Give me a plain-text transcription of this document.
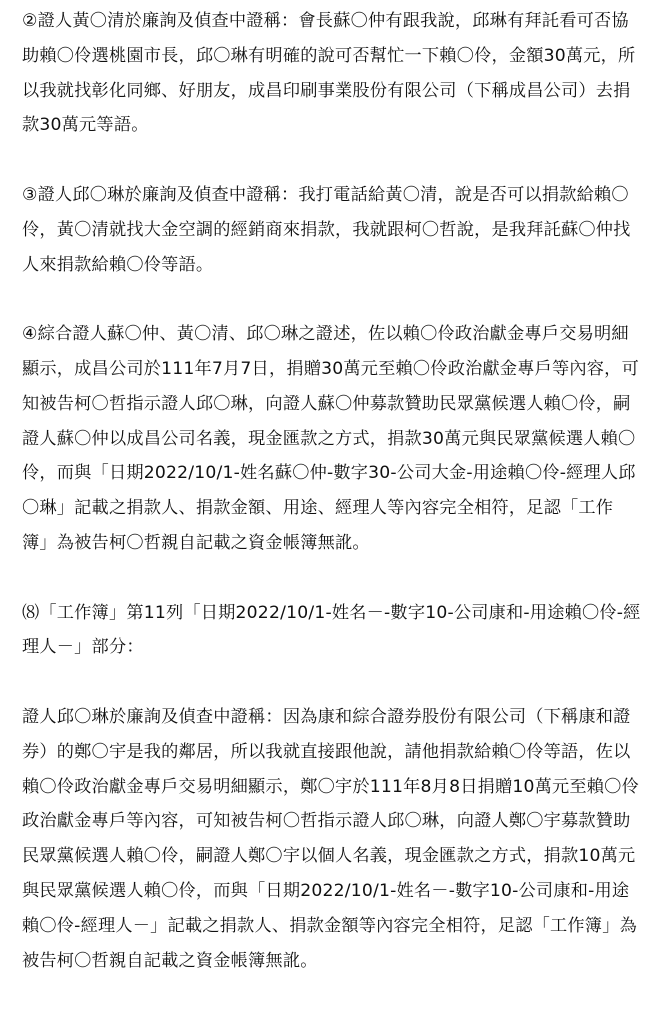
②證人黃〇清於廉詢及偵查中證稱：會長蘇〇仲有跟我說，邱琳有拜託看可否協
助賴〇伶選桃園市長，邱〇琳有明確的說可否幫忙一下賴〇伶，金額30萬元，所
以我就找彰化同鄉、好朋友，成昌印刷事業股份有限公司（下稱成昌公司）去捐
款30萬元等語。
③證人邱〇琳於廉詢及偵查中證稱：我打電話給黃〇清，說是否可以捐款給賴〇
伶，黃〇清就找大金空調的經銷商來捐款，我就跟柯〇哲說，是我拜託蘇〇仲找
人來捐款給賴〇伶等語。
④綜合證人蘇〇仲、黃〇清、邱〇琳之證述，佐以賴〇伶政治獻金專戶交易明細
顯示，成昌公司於111年7月7日，捐贈30萬元至賴〇伶政治獻金專戶等內容，可
知被告柯〇哲指示證人邱〇琳，向證人蘇〇仲募款贊助民眾黨候選人賴〇伶，嗣
證人蘇〇仲以成昌公司名義，現金匯款之方式，捐款30萬元與民眾黨候選人賴〇
伶，而與「日期2022/10/1-姓名蘇〇仲-數字30-公司大金-用途賴〇伶-經理人邱
〇琳」記載之捐款人、捐款金額、用途、經理人等內容完全相符，足認「工作
簿」為被告柯〇哲親自記載之資金帳簿無訛。
⑻「工作簿」第11列「日期2022/10/1-姓名－-數字10-公司康和-用途賴〇伶-經
理人－」部分：
證人邱〇琳於廉詢及偵查中證稱：因為康和綜合證券股份有限公司（下稱康和證
券）的鄭〇宇是我的鄰居，所以我就直接跟他說，請他捐款給賴〇伶等語，佐以
賴〇伶政治獻金專戶交易明細顯示，鄭〇宇於111年8月8日捐贈10萬元至賴〇伶
政治獻金專戶等內容，可知被告柯〇哲指示證人邱〇琳，向證人鄭〇宇募款贊助
民眾黨候選人賴〇伶，嗣證人鄭〇宇以個人名義，現金匯款之方式，捐款10萬元
與民眾黨候選人賴〇伶，而與「日期2022/10/1-姓名－-數字10-公司康和-用途
賴〇伶-經理人－」記載之捐款人、捐款金額等內容完全相符，足認「工作簿」為
被告柯〇哲親自記載之資金帳簿無訛。
